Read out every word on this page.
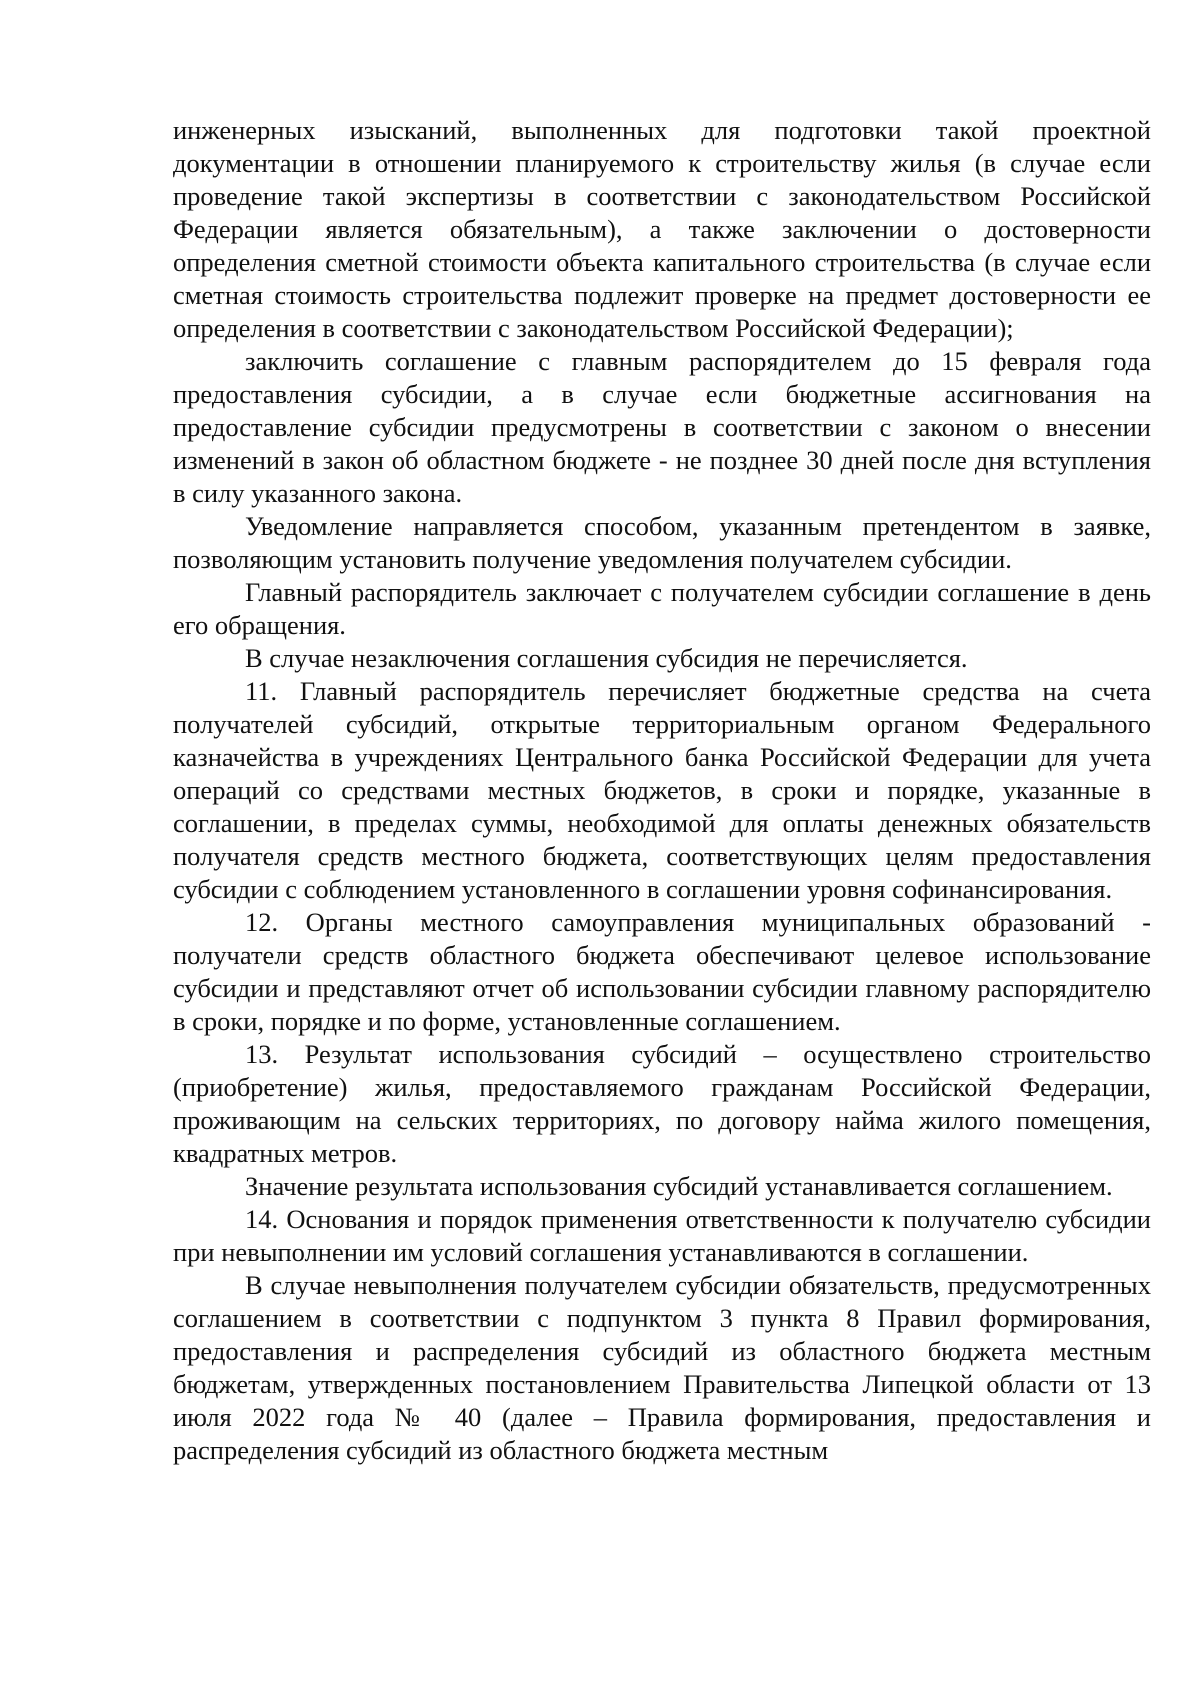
инженерных изысканий, выполненных для подготовки такой проектной документации в отношении планируемого к строительству жилья (в случае если проведение такой экспертизы в соответствии с законодательством Российской Федерации является обязательным), а также заключении о достоверности определения сметной стоимости объекта капитального строительства (в случае если сметная стоимость строительства подлежит проверке на предмет достоверности ее определения в соответствии с законодательством Российской Федерации);

заключить соглашение с главным распорядителем до 15 февраля года предоставления субсидии, а в случае если бюджетные ассигнования на предоставление субсидии предусмотрены в соответствии с законом о внесении изменений в закон об областном бюджете - не позднее 30 дней после дня вступления в силу указанного закона.

Уведомление направляется способом, указанным претендентом в заявке, позволяющим установить получение уведомления получателем субсидии.

Главный распорядитель заключает с получателем субсидии соглашение в день его обращения.

В случае незаключения соглашения субсидия не перечисляется.

11. Главный распорядитель перечисляет бюджетные средства на счета получателей субсидий, открытые территориальным органом Федерального казначейства в учреждениях Центрального банка Российской Федерации для учета операций со средствами местных бюджетов, в сроки и порядке, указанные в соглашении, в пределах суммы, необходимой для оплаты денежных обязательств получателя средств местного бюджета, соответствующих целям предоставления субсидии с соблюдением установленного в соглашении уровня софинансирования.

12. Органы местного самоуправления муниципальных образований - получатели средств областного бюджета обеспечивают целевое использование субсидии и представляют отчет об использовании субсидии главному распорядителю в сроки, порядке и по форме, установленные соглашением.

13. Результат использования субсидий – осуществлено строительство (приобретение) жилья, предоставляемого гражданам Российской Федерации, проживающим на сельских территориях, по договору найма жилого помещения, квадратных метров.

Значение результата использования субсидий устанавливается соглашением.

14. Основания и порядок применения ответственности к получателю субсидии при невыполнении им условий соглашения устанавливаются в соглашении.

В случае невыполнения получателем субсидии обязательств, предусмотренных соглашением в соответствии с подпунктом 3 пункта 8 Правил формирования, предоставления и распределения субсидий из областного бюджета местным бюджетам, утвержденных постановлением Правительства Липецкой области от 13 июля 2022 года № 40 (далее – Правила формирования, предоставления и распределения субсидий из областного бюджета местным
